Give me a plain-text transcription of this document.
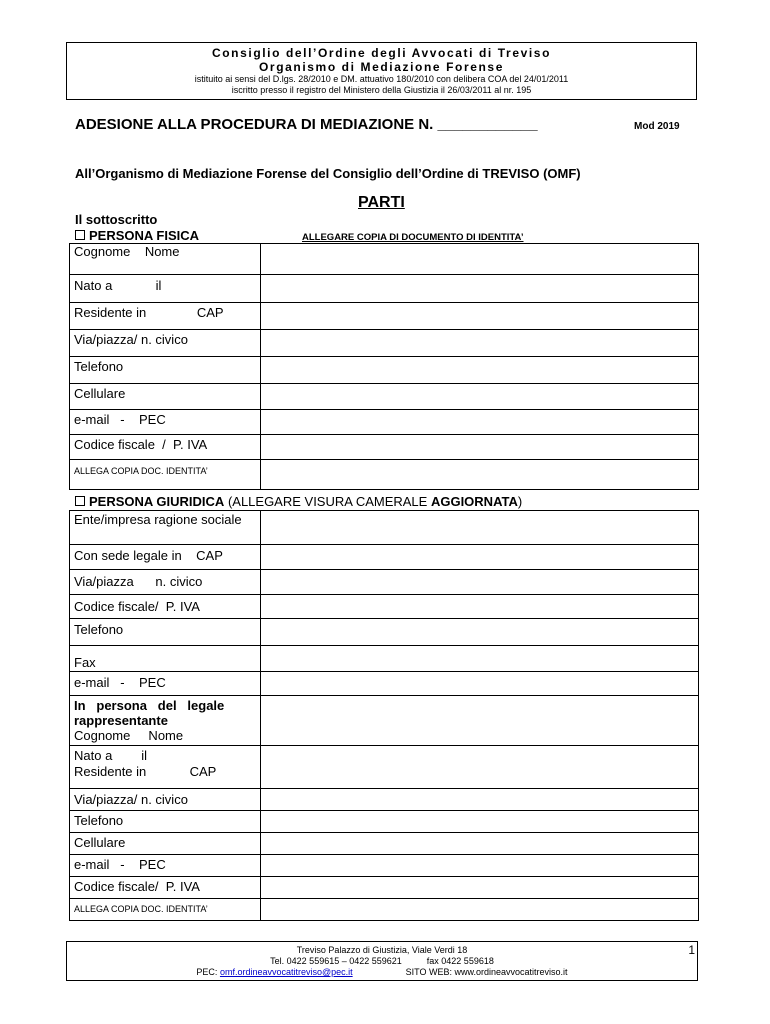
Consiglio dell’Ordine degli Avvocati di Treviso
Organismo di Mediazione Forense
istituito ai sensi del D.lgs. 28/2010 e DM. attuativo 180/2010 con delibera COA del 24/01/2011
iscritto presso il registro del Ministero della Giustizia il 26/03/2011 al nr. 195
ADESIONE ALLA PROCEDURA DI MEDIAZIONE N. ____________	Mod 2019
All’Organismo di Mediazione Forense del Consiglio dell’Ordine di TREVISO (OMF)
PARTI
Il sottoscritto
PERSONA FISICA	ALLEGARE COPIA DI DOCUMENTO DI IDENTITA’
Cognome    Nome	
Nato a            il	
Residente in              CAP	
Via/piazza/ n. civico	
Telefono	
Cellulare	
e-mail   -    PEC	
Codice fiscale  /  P. IVA	
ALLEGA COPIA DOC. IDENTITA’	
PERSONA GIURIDICA (ALLEGARE VISURA CAMERALE AGGIORNATA)
Ente/impresa ragione sociale	
Con sede legale in    CAP	
Via/piazza      n. civico	
Codice fiscale/  P. IVA	
Telefono	
Fax	
e-mail   -    PEC	

In   persona   del   legale rappresentante
Cognome     Nome	

Nato a        il	
Residente in            CAP	
Via/piazza/ n. civico	
Telefono	
Cellulare	
e-mail   -    PEC	
Codice fiscale/  P. IVA	
ALLEGA COPIA DOC. IDENTITA’	
Treviso Palazzo di Giustizia, Viale Verdi 18
Tel. 0422 559615 – 0422 559621          fax 0422 559618
PEC: omf.ordineavvocatitreviso@pec.it	SITO WEB: www.ordineavvocatitreviso.it
1
